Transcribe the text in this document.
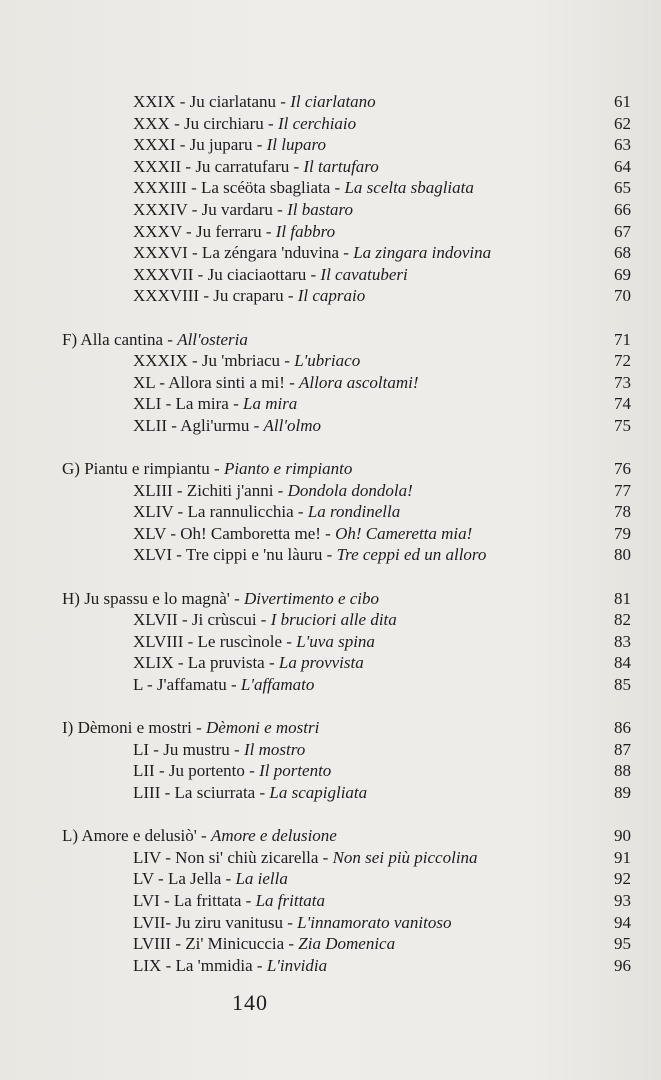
XXIX - Ju ciarlatanu - Il ciarlatano	61
XXX - Ju circhiaru - Il cerchiaio	62
XXXI - Ju juparu - Il luparo	63
XXXII - Ju carratufaru - Il tartufaro	64
XXXIII - La scéöta sbagliata - La scelta sbagliata	65
XXXIV - Ju vardaru - Il bastaro	66
XXXV - Ju ferraru - Il fabbro	67
XXXVI - La zéngara 'nduvina - La zingara indovina	68
XXXVII - Ju ciaciaottaru - Il cavatuberi	69
XXXVIII - Ju craparu - Il capraio	70
F) Alla cantina - All'osteria	71
XXXIX - Ju 'mbriacu - L'ubriaco	72
XL - Allora sinti a mi! - Allora ascoltami!	73
XLI - La mira - La mira	74
XLII - Agli'urmu - All'olmo	75
G) Piantu e rimpiantu - Pianto e rimpianto	76
XLIII - Zichiti j'anni - Dondola dondola!	77
XLIV - La rannulicchia - La rondinella	78
XLV - Oh! Camboretta me! - Oh! Cameretta mia!	79
XLVI - Tre cippi e 'nu làuru - Tre ceppi ed un alloro	80
H) Ju spassu e lo magnà' - Divertimento e cibo	81
XLVII - Ji crùscui - I bruciori alle dita	82
XLVIII - Le ruscìnole - L'uva spina	83
XLIX - La pruvista - La provvista	84
L - J'affamatu - L'affamato	85
I) Dèmoni e mostri - Dèmoni e mostri	86
LI - Ju mustru - Il mostro	87
LII - Ju portento - Il portento	88
LIII - La sciurrata - La scapigliata	89
L) Amore e delusiò' - Amore e delusione	90
LIV - Non si' chiù zicarella - Non sei più piccolina	91
LV - La Jella - La iella	92
LVI - La frittata - La frittata	93
LVII- Ju ziru vanitusu - L'innamorato vanitoso	94
LVIII - Zi' Minicuccia - Zia Domenica	95
LIX - La 'mmidia - L'invidia	96
140
